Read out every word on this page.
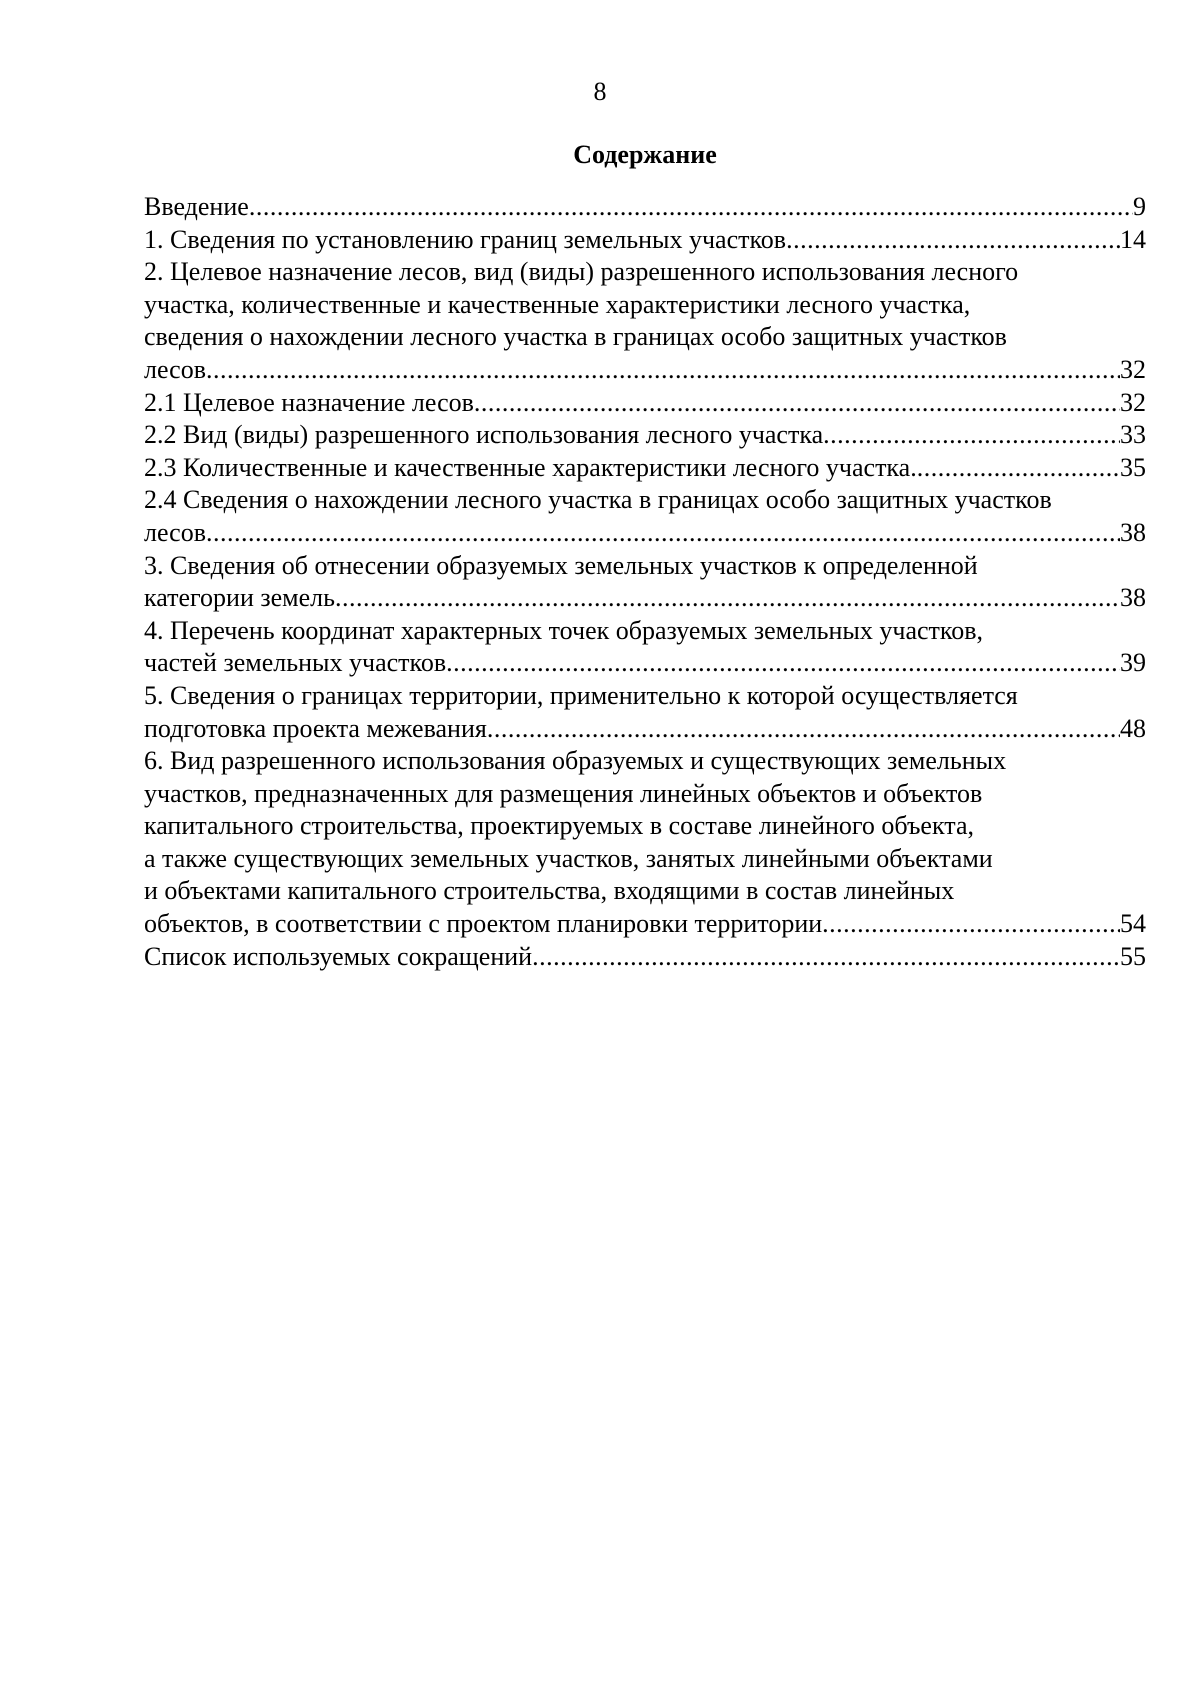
8
Содержание
Введение .....	9
1. Сведения по установлению границ земельных участков .....	14
2. Целевое назначение лесов, вид (виды) разрешенного использования лесного
участка, количественные и качественные характеристики лесного участка,
сведения о нахождении лесного участка в границах особо защитных участков
лесов .....	32
2.1 Целевое назначение лесов .....	32
2.2 Вид (виды) разрешенного использования лесного участка .....	33
2.3 Количественные и качественные характеристики лесного участка. .....	35
2.4 Сведения о нахождении лесного участка в границах особо защитных участков
лесов .....	38
3. Сведения об отнесении образуемых земельных участков к определенной
категории земель .....	38
4. Перечень координат характерных точек образуемых земельных участков,
частей земельных участков .....	39
5. Сведения о границах территории, применительно к которой осуществляется
подготовка проекта межевания .....	48
6. Вид разрешенного использования образуемых и существующих земельных
участков, предназначенных для размещения линейных объектов и объектов
капитального строительства, проектируемых в составе линейного объекта,
а также существующих земельных участков, занятых линейными объектами
и объектами капитального строительства, входящими в состав линейных
объектов, в соответствии с проектом планировки территории .....	54
Список используемых сокращений .....	55
